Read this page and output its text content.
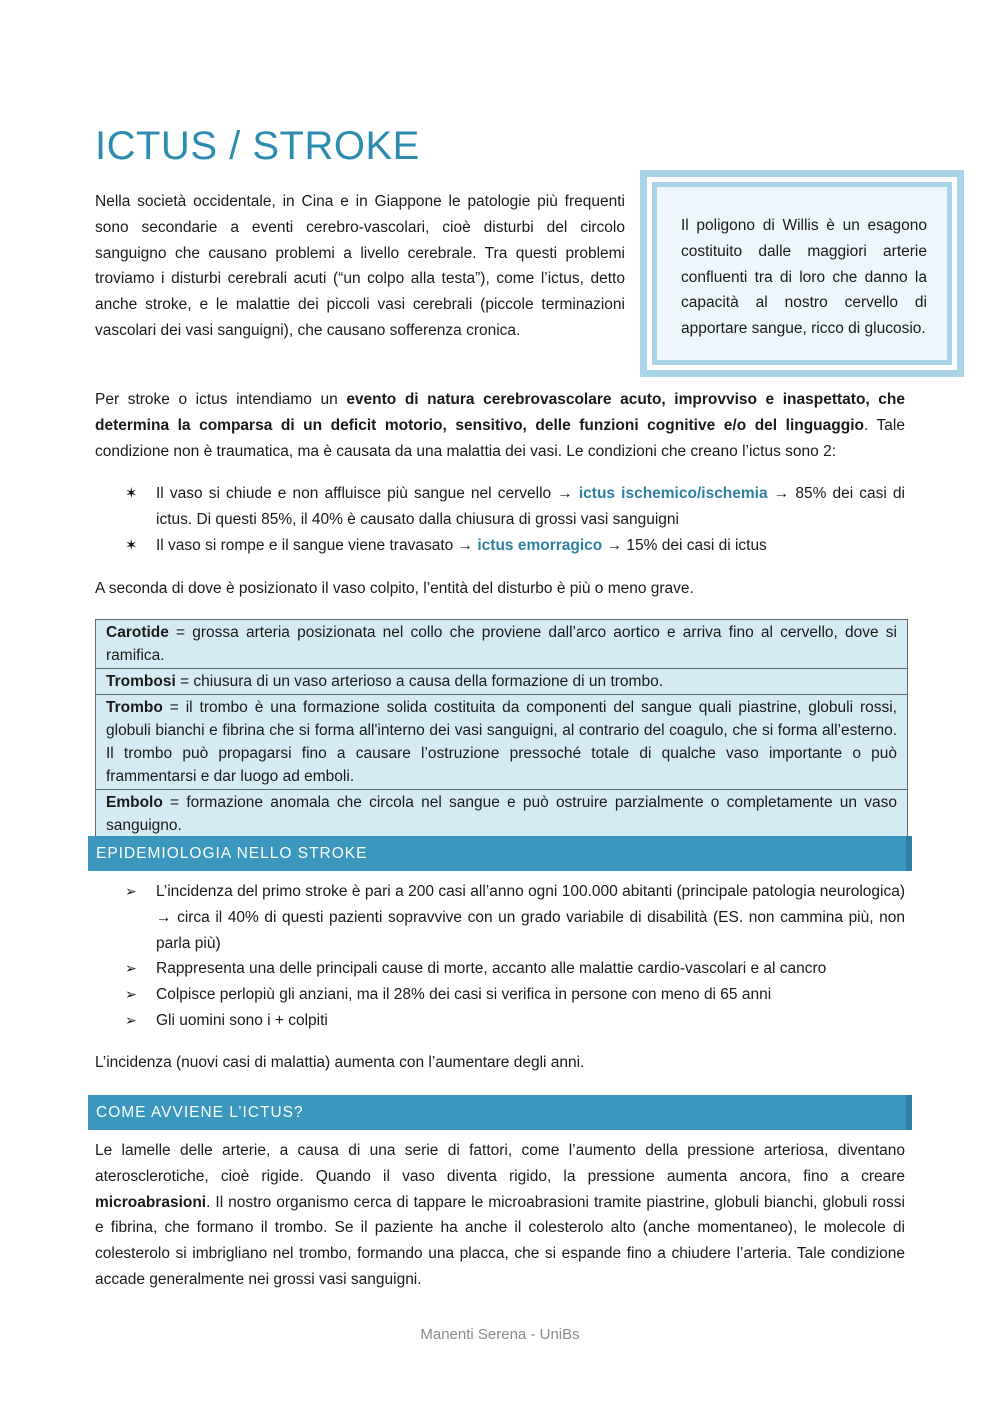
ICTUS / STROKE

Nella società occidentale, in Cina e in Giappone le patologie più frequenti sono secondarie a eventi cerebro-vascolari, cioè disturbi del circolo sanguigno che causano problemi a livello cerebrale. Tra questi problemi troviamo i disturbi cerebrali acuti (“un colpo alla testa”), come l’ictus, detto anche stroke, e le malattie dei piccoli vasi cerebrali (piccole terminazioni vascolari dei vasi sanguigni), che causano sofferenza cronica.

Il poligono di Willis è un esagono costituito dalle maggiori arterie confluenti tra di loro che danno la capacità al nostro cervello di apportare sangue, ricco di glucosio.

Per stroke o ictus intendiamo un evento di natura cerebrovascolare acuto, improvviso e inaspettato, che determina la comparsa di un deficit motorio, sensitivo, delle funzioni cognitive e/o del linguaggio. Tale condizione non è traumatica, ma è causata da una malattia dei vasi. Le condizioni che creano l’ictus sono 2:

✶ Il vaso si chiude e non affluisce più sangue nel cervello → ictus ischemico/ischemia → 85% dei casi di ictus. Di questi 85%, il 40% è causato dalla chiusura di grossi vasi sanguigni
✶ Il vaso si rompe e il sangue viene travasato → ictus emorragico → 15% dei casi di ictus

A seconda di dove è posizionato il vaso colpito, l’entità del disturbo è più o meno grave.

Carotide = grossa arteria posizionata nel collo che proviene dall’arco aortico e arriva fino al cervello, dove si ramifica.
Trombosi = chiusura di un vaso arterioso a causa della formazione di un trombo.
Trombo = il trombo è una formazione solida costituita da componenti del sangue quali piastrine, globuli rossi, globuli bianchi e fibrina che si forma all'interno dei vasi sanguigni, al contrario del coagulo, che si forma all’esterno. Il trombo può propagarsi fino a causare l’ostruzione pressoché totale di qualche vaso importante o può frammentarsi e dar luogo ad emboli.
Embolo = formazione anomala che circola nel sangue e può ostruire parzialmente o completamente un vaso sanguigno.
EPIDEMIOLOGIA NELLO STROKE
➢ L’incidenza del primo stroke è pari a 200 casi all’anno ogni 100.000 abitanti (principale patologia neurologica) → circa il 40% di questi pazienti sopravvive con un grado variabile di disabilità (ES. non cammina più, non parla più)
➢ Rappresenta una delle principali cause di morte, accanto alle malattie cardio-vascolari e al cancro
➢ Colpisce perlopiù gli anziani, ma il 28% dei casi si verifica in persone con meno di 65 anni
➢ Gli uomini sono i + colpiti

L’incidenza (nuovi casi di malattia) aumenta con l’aumentare degli anni.

COME AVVIENE L’ICTUS?

Le lamelle delle arterie, a causa di una serie di fattori, come l’aumento della pressione arteriosa, diventano aterosclerotiche, cioè rigide. Quando il vaso diventa rigido, la pressione aumenta ancora, fino a creare microabrasioni. Il nostro organismo cerca di tappare le microabrasioni tramite piastrine, globuli bianchi, globuli rossi e fibrina, che formano il trombo. Se il paziente ha anche il colesterolo alto (anche momentaneo), le molecole di colesterolo si imbrigliano nel trombo, formando una placca, che si espande fino a chiudere l’arteria. Tale condizione accade generalmente nei grossi vasi sanguigni.

Manenti Serena - UniBs
